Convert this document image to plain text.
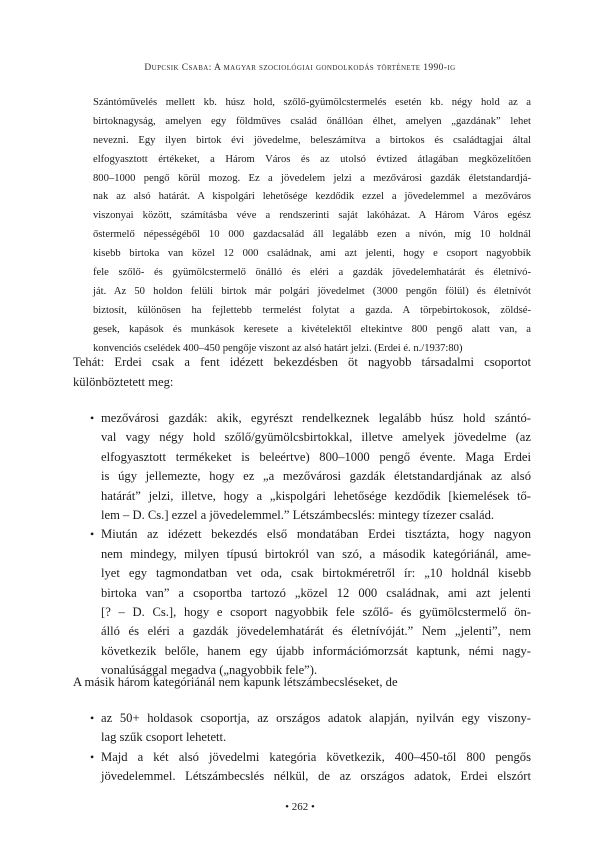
Dupcsik Csaba: A magyar szociológiai gondolkodás története 1990-ig
Szántóművelés mellett kb. húsz hold, szőlő-gyümölcstermelés esetén kb. négy hold az a
birtoknagyság, amelyen egy földműves család önállóan élhet, amelyen „gazdának” lehet
nevezni. Egy ilyen birtok évi jövedelme, beleszámítva a birtokos és családtagjai által
elfogyasztott értékeket, a Három Város és az utolsó évtized átlagában megközelítően
800–1000 pengő körül mozog. Ez a jövedelem jelzi a mezővárosi gazdák életstandardjá-
nak az alsó határát. A kispolgári lehetősége kezdődik ezzel a jövedelemmel a mezőváros
viszonyai között, számításba véve a rendszerinti saját lakóházat. A Három Város egész
őstermelő népességéből 10 000 gazdacsalád áll legalább ezen a nívón, míg 10 holdnál
kisebb birtoka van közel 12 000 családnak, ami azt jelenti, hogy e csoport nagyobbik
fele szőlő- és gyümölcstermelő önálló és eléri a gazdák jövedelemhatárát és életnívó-
ját. Az 50 holdon felüli birtok már polgári jövedelmet (3000 pengőn fölül) és életnívót
biztosít, különösen ha fejlettebb termelést folytat a gazda. A törpebirtokosok, zöldsé-
gesek, kapások és munkások keresete a kivételektől eltekintve 800 pengő alatt van, a
konvenciós cselédek 400–450 pengője viszont az alsó határt jelzi. (Erdei é. n./1937:80)
Tehát: Erdei csak a fent idézett bekezdésben öt nagyobb társadalmi csoportot
különböztetett meg:
• mezővárosi gazdák: akik, egyrészt rendelkeznek legalább húsz hold szántó-
val vagy négy hold szőlő/gyümölcsbirtokkal, illetve amelyek jövedelme (az
elfogyasztott termékeket is beleértve) 800–1000 pengő évente. Maga Erdei
is úgy jellemezte, hogy ez „a mezővárosi gazdák életstandardjának az alsó
határát” jelzi, illetve, hogy a „kispolgári lehetősége kezdődik [kiemelések tő-
lem – D. Cs.] ezzel a jövedelemmel.” Létszámbecslés: mintegy tízezer család.
• Miután az idézett bekezdés első mondatában Erdei tisztázta, hogy nagyon
nem mindegy, milyen típusú birtokról van szó, a második kategóriánál, ame-
lyet egy tagmondatban vet oda, csak birtokméretről ír: „10 holdnál kisebb
birtoka van” a csoportba tartozó „közel 12 000 családnak, ami azt jelenti
[? – D. Cs.], hogy e csoport nagyobbik fele szőlő- és gyümölcstermelő ön-
álló és eléri a gazdák jövedelemhatárát és életnívóját.” Nem „jelenti”, nem
következik belőle, hanem egy újabb információmorzsát kaptunk, némi nagy-
vonalúsággal megadva („nagyobbik fele”).
A másik három kategóriánál nem kapunk létszámbecsléseket, de
• az 50+ holdasok csoportja, az országos adatok alapján, nyilván egy viszony-
lag szűk csoport lehetett.
• Majd a két alsó jövedelmi kategória következik, 400–450-től 800 pengős
jövedelemmel. Létszámbecslés nélkül, de az országos adatok, Erdei elszórt
• 262 •
